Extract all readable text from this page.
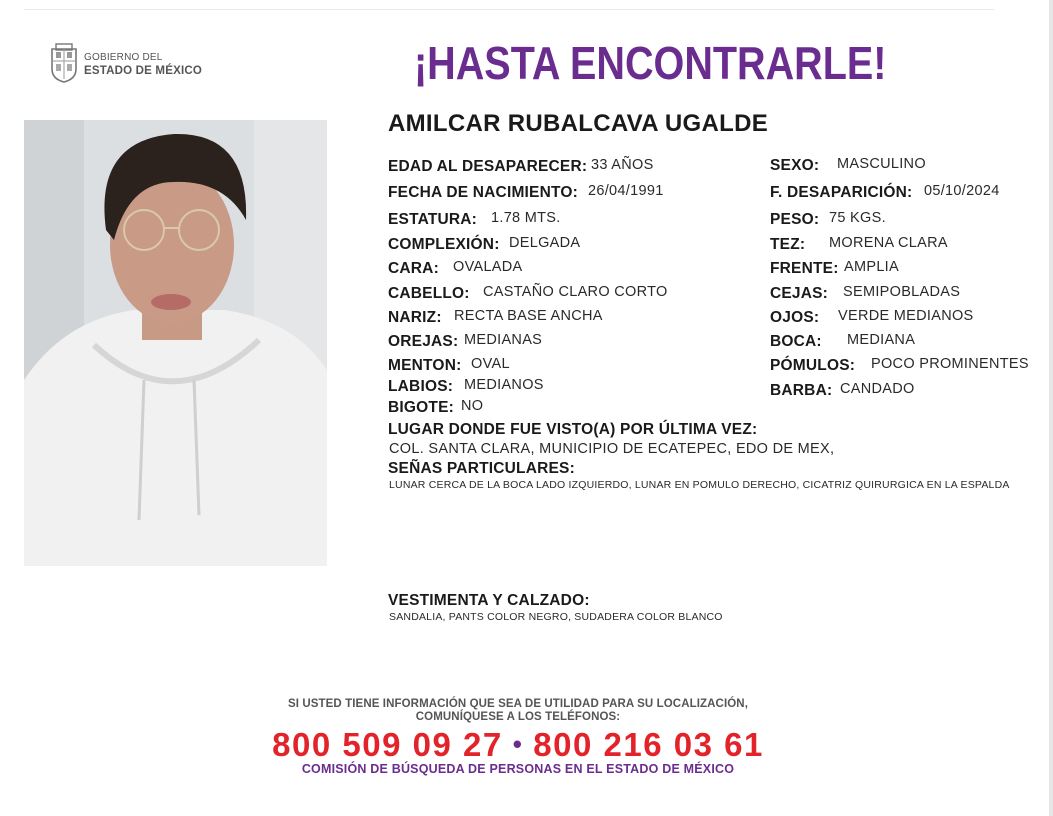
GOBIERNO DEL
ESTADO DE MÉXICO	¡HASTA ENCONTRARLE!
AMILCAR RUBALCAVA UGALDE
EDAD AL DESAPARECER: 33 AÑOS
FECHA DE NACIMIENTO: 26/04/1991
ESTATURA: 1.78 MTS.
COMPLEXIÓN: DELGADA
CARA: OVALADA
CABELLO: CASTAÑO CLARO CORTO
NARIZ: RECTA BASE ANCHA
OREJAS: MEDIANAS
MENTON: OVAL
LABIOS: MEDIANOS
BIGOTE: NO
SEXO: MASCULINO
F. DESAPARICIÓN: 05/10/2024
PESO: 75 KGS.
TEZ: MORENA CLARA
FRENTE: AMPLIA
CEJAS: SEMIPOBLADAS
OJOS: VERDE MEDIANOS
BOCA: MEDIANA
PÓMULOS: POCO PROMINENTES
BARBA: CANDADO
LUGAR DONDE FUE VISTO(A) POR ÚLTIMA VEZ:
COL. SANTA CLARA, MUNICIPIO DE ECATEPEC, EDO DE MEX,
SEÑAS PARTICULARES:
LUNAR CERCA DE LA BOCA LADO IZQUIERDO, LUNAR EN POMULO DERECHO, CICATRIZ QUIRURGICA EN LA ESPALDA
VESTIMENTA Y CALZADO:
SANDALIA, PANTS COLOR NEGRO, SUDADERA COLOR BLANCO
SI USTED TIENE INFORMACIÓN QUE SEA DE UTILIDAD PARA SU LOCALIZACIÓN,
COMUNÍQUESE A LOS TELÉFONOS:
800 509 09 27 • 800 216 03 61
COMISIÓN DE BÚSQUEDA DE PERSONAS EN EL ESTADO DE MÉXICO
